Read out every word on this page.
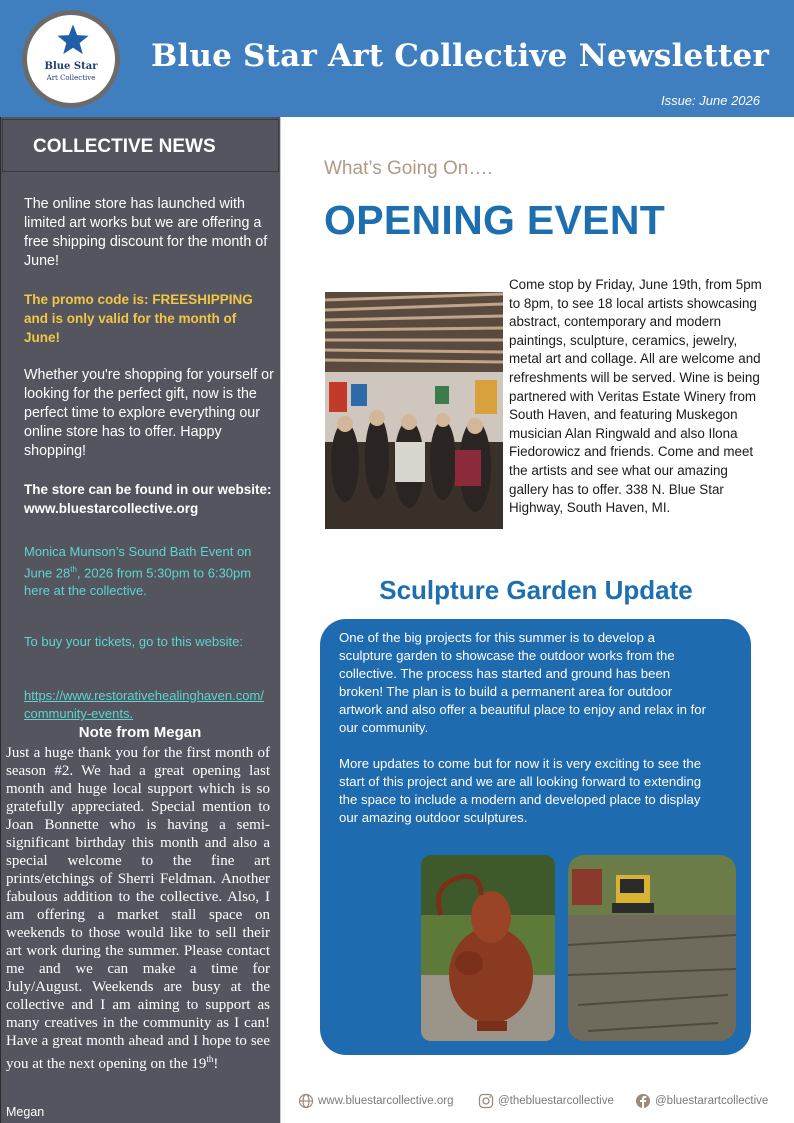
Blue Star
Art Collective
Blue Star Art Collective Newsletter
Issue: June 2026
COLLECTIVE NEWS
The online store has launched with limited art works but we are offering a free shipping discount for the month of June!
The promo code is: FREESHIPPING and is only valid for the month of June!
Whether you're shopping for yourself or looking for the perfect gift, now is the perfect time to explore everything our online store has to offer. Happy shopping!
The store can be found in our website:
www.bluestarcollective.org
Monica Munson’s Sound Bath Event on June 28th, 2026 from 5:30pm to 6:30pm here at the collective.
To buy your tickets, go to this website:
https://www.restorativehealinghaven.com/community-events.
Note from Megan
Just a huge thank you for the first month of season #2. We had a great opening last month and huge local support which is so gratefully appreciated. Special mention to Joan Bonnette who is having a semi-significant birthday this month and also a special welcome to the fine art prints/etchings of Sherri Feldman. Another fabulous addition to the collective. Also, I am offering a market stall space on weekends to those would like to sell their art work during the summer. Please contact me and we can make a time for July/August. Weekends are busy at the collective and I am aiming to support as many creatives in the community as I can! Have a great month ahead and I hope to see you at the next opening on the 19th!
Megan
What’s Going On….
OPENING EVENT
Come stop by Friday, June 19th, from 5pm to 8pm, to see 18 local artists showcasing abstract, contemporary and modern paintings, sculpture, ceramics, jewelry, metal art and collage. All are welcome and refreshments will be served. Wine is being partnered with Veritas Estate Winery from South Haven, and featuring Muskegon musician Alan Ringwald and also Ilona Fiedorowicz and friends. Come and meet the artists and see what our amazing gallery has to offer. 338 N. Blue Star Highway, South Haven, MI.
Sculpture Garden Update
One of the big projects for this summer is to develop a sculpture garden to showcase the outdoor works from the collective. The process has started and ground has been broken! The plan is to build a permanent area for outdoor artwork and also offer a beautiful place to enjoy and relax in for our community.
More updates to come but for now it is very exciting to see the start of this project and we are all looking forward to extending the space to include a modern and developed place to display our amazing outdoor sculptures.
www.bluestarcollective.org	@thebluestarcollective	@bluestarartcollective
